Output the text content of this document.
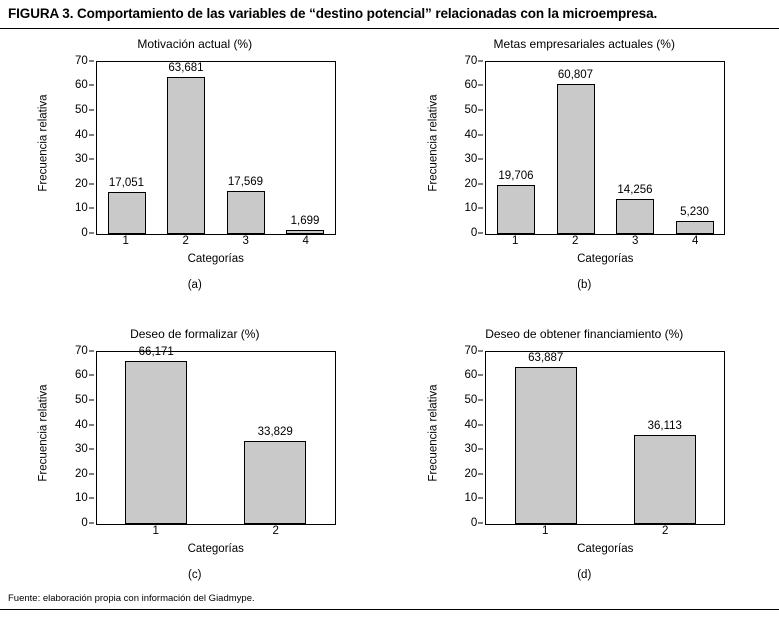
FIGURA 3. Comportamiento de las variables de “destino potencial” relacionadas con la microempresa.
Motivación actual (%)
Frecuencia relativa
0
10
20
30
40
50
60
70
17,051
63,681
17,569
1,699
1	2	3	4
Categorías
(a)
Metas empresariales actuales (%)
Frecuencia relativa
0
10
20
30
40
50
60
70
19,706
60,807
14,256
5,230
1	2	3	4
Categorías
(b)
Deseo de formalizar (%)
Frecuencia relativa
0
10
20
30
40
50
60
70	66,171
33,829
1	2
Categorías
(c)
Deseo de obtener financiamiento (%)
Frecuencia relativa
0
10
20
30
40
50
60
70
63,887
36,113
1	2
Categorías
(d)
Fuente: elaboración propia con información del Giadmype.
